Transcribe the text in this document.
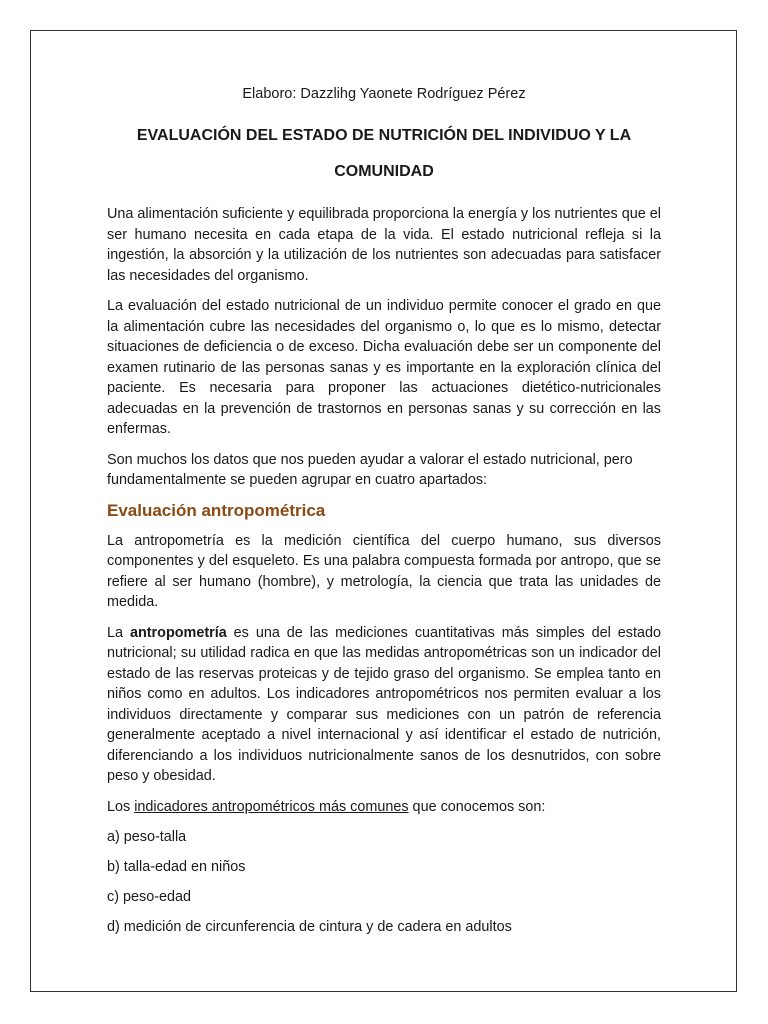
Elaboro: Dazzlihg Yaonete Rodríguez Pérez

EVALUACIÓN DEL ESTADO DE NUTRICIÓN DEL INDIVIDUO Y LA COMUNIDAD

Una alimentación suficiente y equilibrada proporciona la energía y los nutrientes que el ser humano necesita en cada etapa de la vida. El estado nutricional refleja si la ingestión, la absorción y la utilización de los nutrientes son adecuadas para satisfacer las necesidades del organismo.

La evaluación del estado nutricional de un individuo permite conocer el grado en que la alimentación cubre las necesidades del organismo o, lo que es lo mismo, detectar situaciones de deficiencia o de exceso. Dicha evaluación debe ser un componente del examen rutinario de las personas sanas y es importante en la exploración clínica del paciente. Es necesaria para proponer las actuaciones dietético-nutricionales adecuadas en la prevención de trastornos en personas sanas y su corrección en las enfermas.

Son muchos los datos que nos pueden ayudar a valorar el estado nutricional, pero fundamentalmente se pueden agrupar en cuatro apartados:

Evaluación antropométrica

La antropometría es la medición científica del cuerpo humano, sus diversos componentes y del esqueleto. Es una palabra compuesta formada por antropo, que se refiere al ser humano (hombre), y metrología, la ciencia que trata las unidades de medida.

La antropometría es una de las mediciones cuantitativas más simples del estado nutricional; su utilidad radica en que las medidas antropométricas son un indicador del estado de las reservas proteicas y de tejido graso del organismo. Se emplea tanto en niños como en adultos. Los indicadores antropométricos nos permiten evaluar a los individuos directamente y comparar sus mediciones con un patrón de referencia generalmente aceptado a nivel internacional y así identificar el estado de nutrición, diferenciando a los individuos nutricionalmente sanos de los desnutridos, con sobre peso y obesidad.

Los indicadores antropométricos más comunes que conocemos son:

a) peso-talla
b) talla-edad en niños
c) peso-edad
d) medición de circunferencia de cintura y de cadera en adultos
